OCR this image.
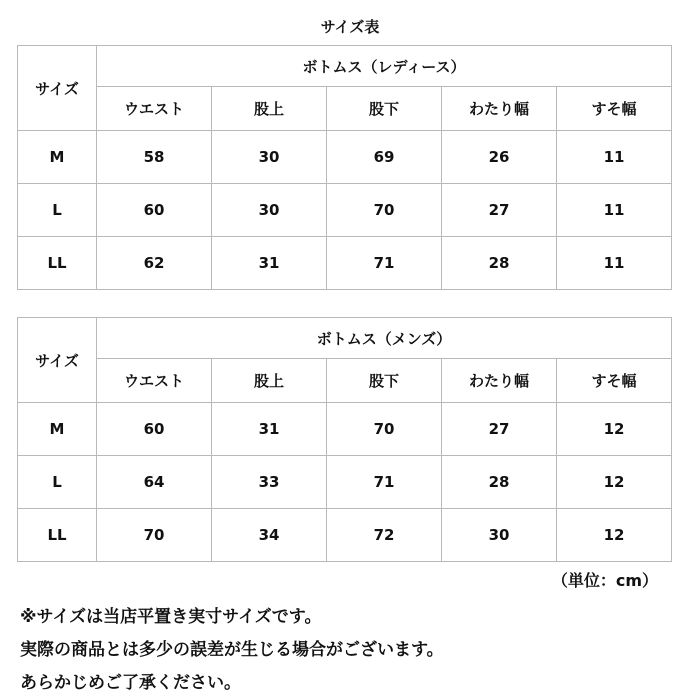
サイズ表
サイズ	ボトムス（レディース）				
	ウエスト	股上	股下	わたり幅	すそ幅
M	58	30	69	26	11
L	60	30	70	27	11
LL	62	31	71	28	11
サイズ	ボトムス（メンズ）				
	ウエスト	股上	股下	わたり幅	すそ幅
M	60	31	70	27	12
L	64	33	71	28	12
LL	70	34	72	30	12
（単位：cm）
※サイズは当店平置き実寸サイズです。
実際の商品とは多少の誤差が生じる場合がございます。
あらかじめご了承ください。
